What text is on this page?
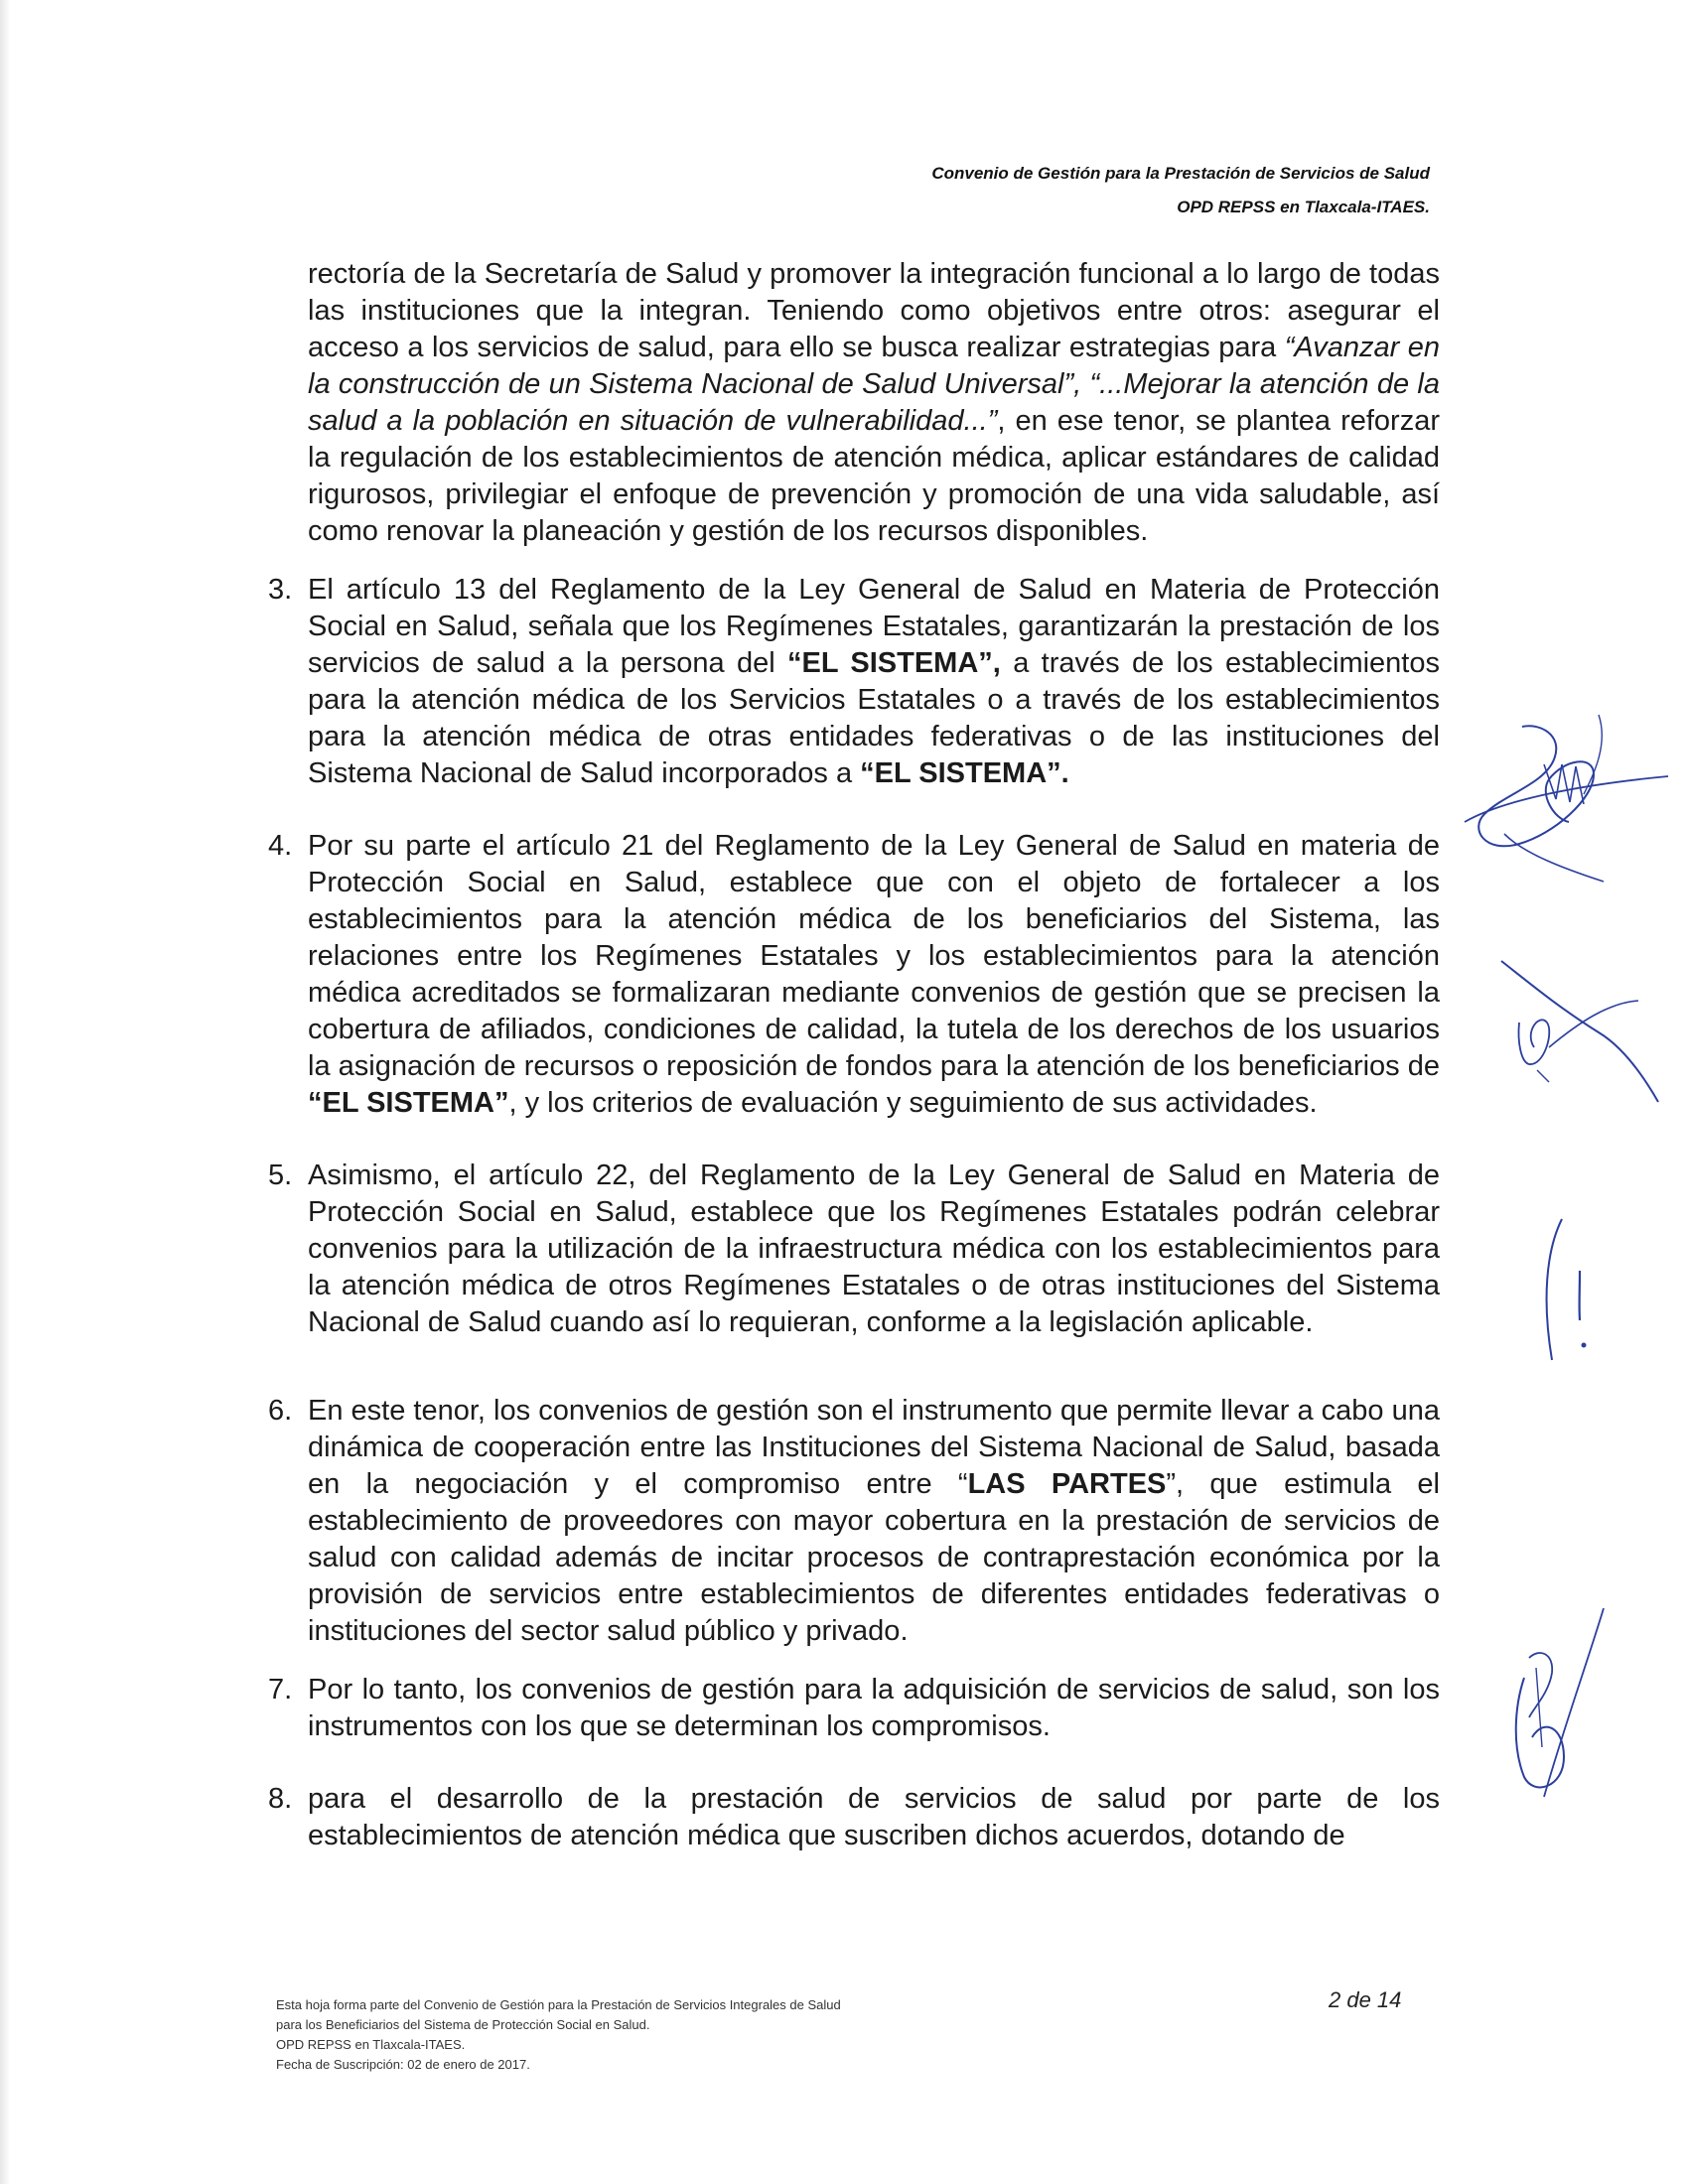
Convenio de Gestión para la Prestación de Servicios de Salud
OPD REPSS en Tlaxcala-ITAES.

rectoría de la Secretaría de Salud y promover la integración funcional a lo largo de todas las instituciones que la integran. Teniendo como objetivos entre otros: asegurar el acceso a los servicios de salud, para ello se busca realizar estrategias para “Avanzar en la construcción de un Sistema Nacional de Salud Universal”, “...Mejorar la atención de la salud a la población en situación de vulnerabilidad...”, en ese tenor, se plantea reforzar la regulación de los establecimientos de atención médica, aplicar estándares de calidad rigurosos, privilegiar el enfoque de prevención y promoción de una vida saludable, así como renovar la planeación y gestión de los recursos disponibles.

3. El artículo 13 del Reglamento de la Ley General de Salud en Materia de Protección Social en Salud, señala que los Regímenes Estatales, garantizarán la prestación de los servicios de salud a la persona del “EL SISTEMA”, a través de los establecimientos para la atención médica de los Servicios Estatales o a través de los establecimientos para la atención médica de otras entidades federativas o de las instituciones del Sistema Nacional de Salud incorporados a “EL SISTEMA”.

4. Por su parte el artículo 21 del Reglamento de la Ley General de Salud en materia de Protección Social en Salud, establece que con el objeto de fortalecer a los establecimientos para la atención médica de los beneficiarios del Sistema, las relaciones entre los Regímenes Estatales y los establecimientos para la atención médica acreditados se formalizaran mediante convenios de gestión que se precisen la cobertura de afiliados, condiciones de calidad, la tutela de los derechos de los usuarios la asignación de recursos o reposición de fondos para la atención de los beneficiarios de “EL SISTEMA”, y los criterios de evaluación y seguimiento de sus actividades.

5. Asimismo, el artículo 22, del Reglamento de la Ley General de Salud en Materia de Protección Social en Salud, establece que los Regímenes Estatales podrán celebrar convenios para la utilización de la infraestructura médica con los establecimientos para la atención médica de otros Regímenes Estatales o de otras instituciones del Sistema Nacional de Salud cuando así lo requieran, conforme a la legislación aplicable.

6. En este tenor, los convenios de gestión son el instrumento que permite llevar a cabo una dinámica de cooperación entre las Instituciones del Sistema Nacional de Salud, basada en la negociación y el compromiso entre “LAS PARTES”, que estimula el establecimiento de proveedores con mayor cobertura en la prestación de servicios de salud con calidad además de incitar procesos de contraprestación económica por la provisión de servicios entre establecimientos de diferentes entidades federativas o instituciones del sector salud público y privado.

7. Por lo tanto, los convenios de gestión para la adquisición de servicios de salud, son los instrumentos con los que se determinan los compromisos.

8. para el desarrollo de la prestación de servicios de salud por parte de los establecimientos de atención médica que suscriben dichos acuerdos, dotando de

Esta hoja forma parte del Convenio de Gestión para la Prestación de Servicios Integrales de Salud
para los Beneficiarios del Sistema de Protección Social en Salud.
OPD REPSS en Tlaxcala-ITAES.
Fecha de Suscripción: 02 de enero de 2017.
2 de 14
